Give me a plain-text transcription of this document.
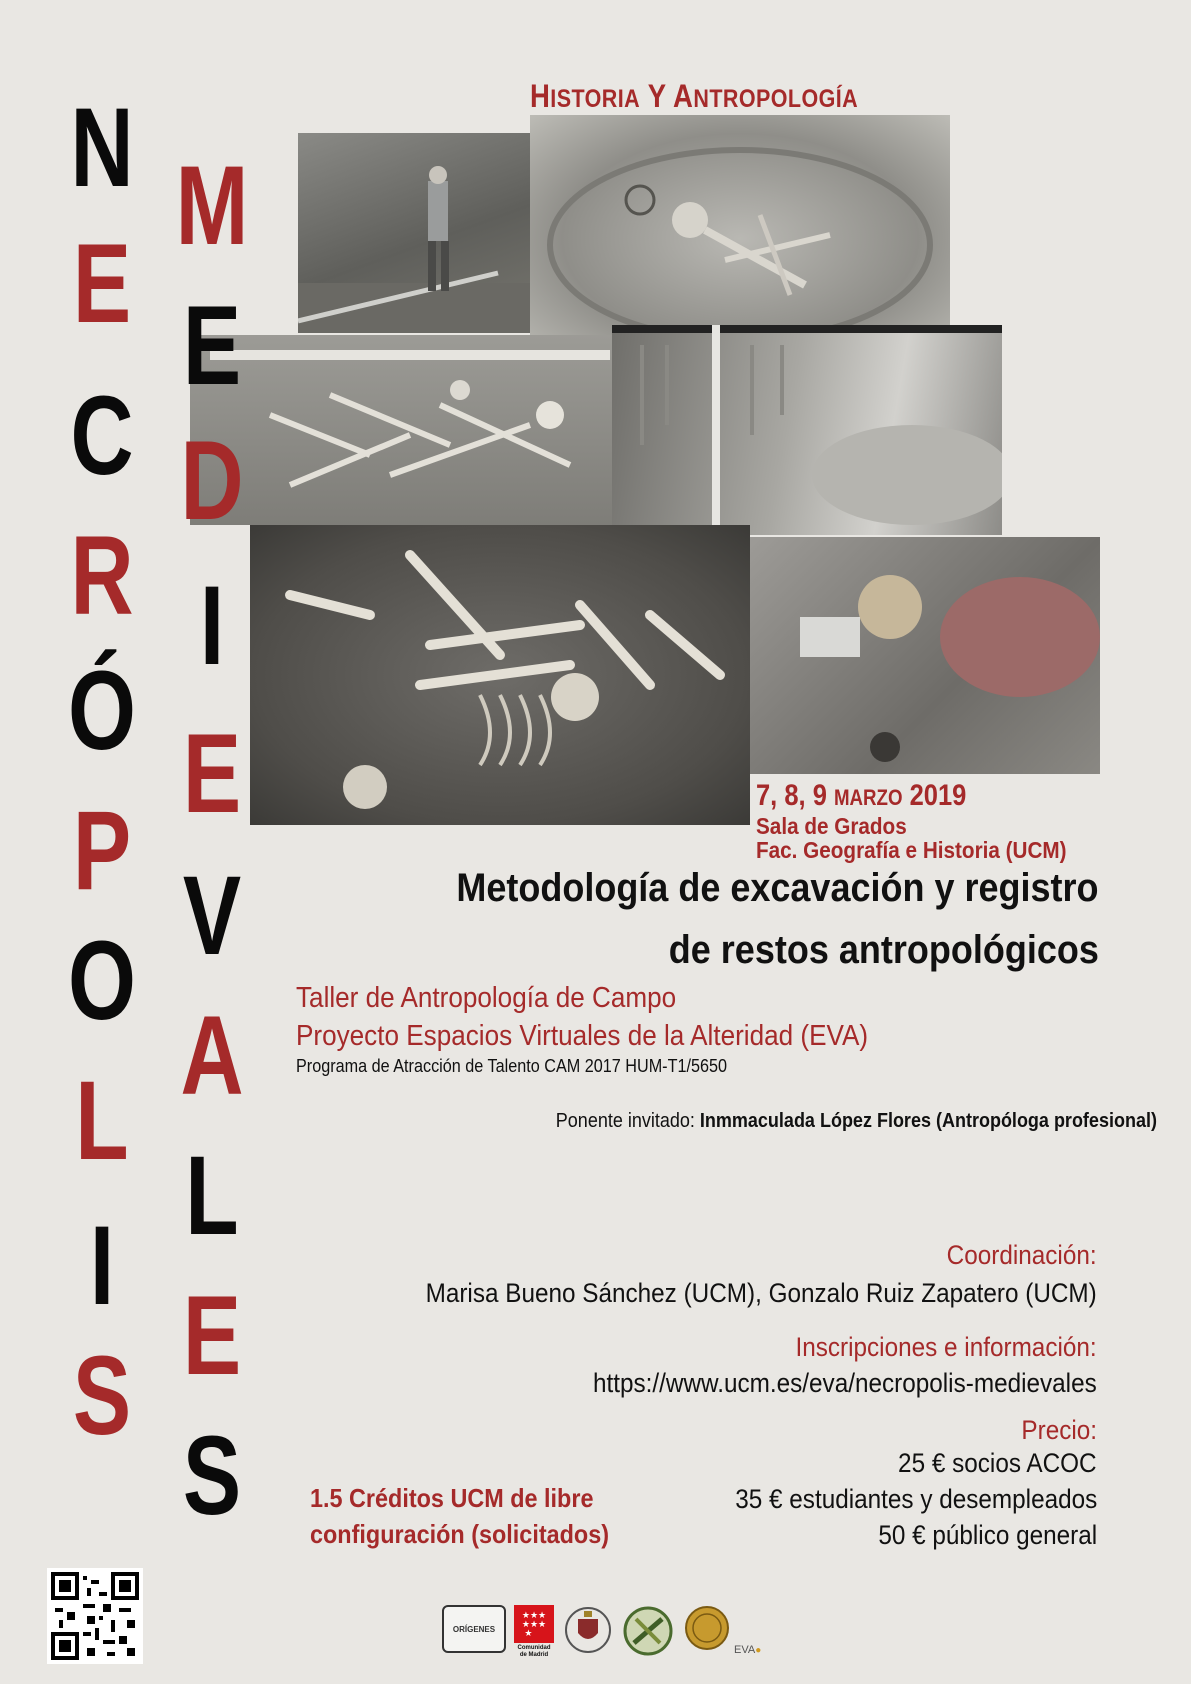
HISTORIA Y ANTROPOLOGÍA
N
E
C
R
Ó
P
O
L
I
S
M
E
D
I
E
V
A
L
E
S
7, 8, 9 MARZO 2019
Sala de Grados
Fac. Geografía e Historia (UCM)
Metodología de excavación y registro
de restos antropológicos
Taller de Antropología de Campo
Proyecto Espacios Virtuales de la Alteridad (EVA)
Programa de Atracción de Talento CAM 2017 HUM-T1/5650
Ponente invitado: Inmmaculada López Flores (Antropóloga profesional)
Coordinación:
Marisa Bueno Sánchez (UCM), Gonzalo Ruiz Zapatero (UCM)
Inscripciones e información:
https://www.ucm.es/eva/necropolis-medievales
Precio:
25 € socios ACOC
35 € estudiantes y desempleados
50 € público general
1.5 Créditos UCM de libre
configuración (solicitados)
ORÍGENES
★★★
★★★
★
Comunidad de Madrid	EVA●
